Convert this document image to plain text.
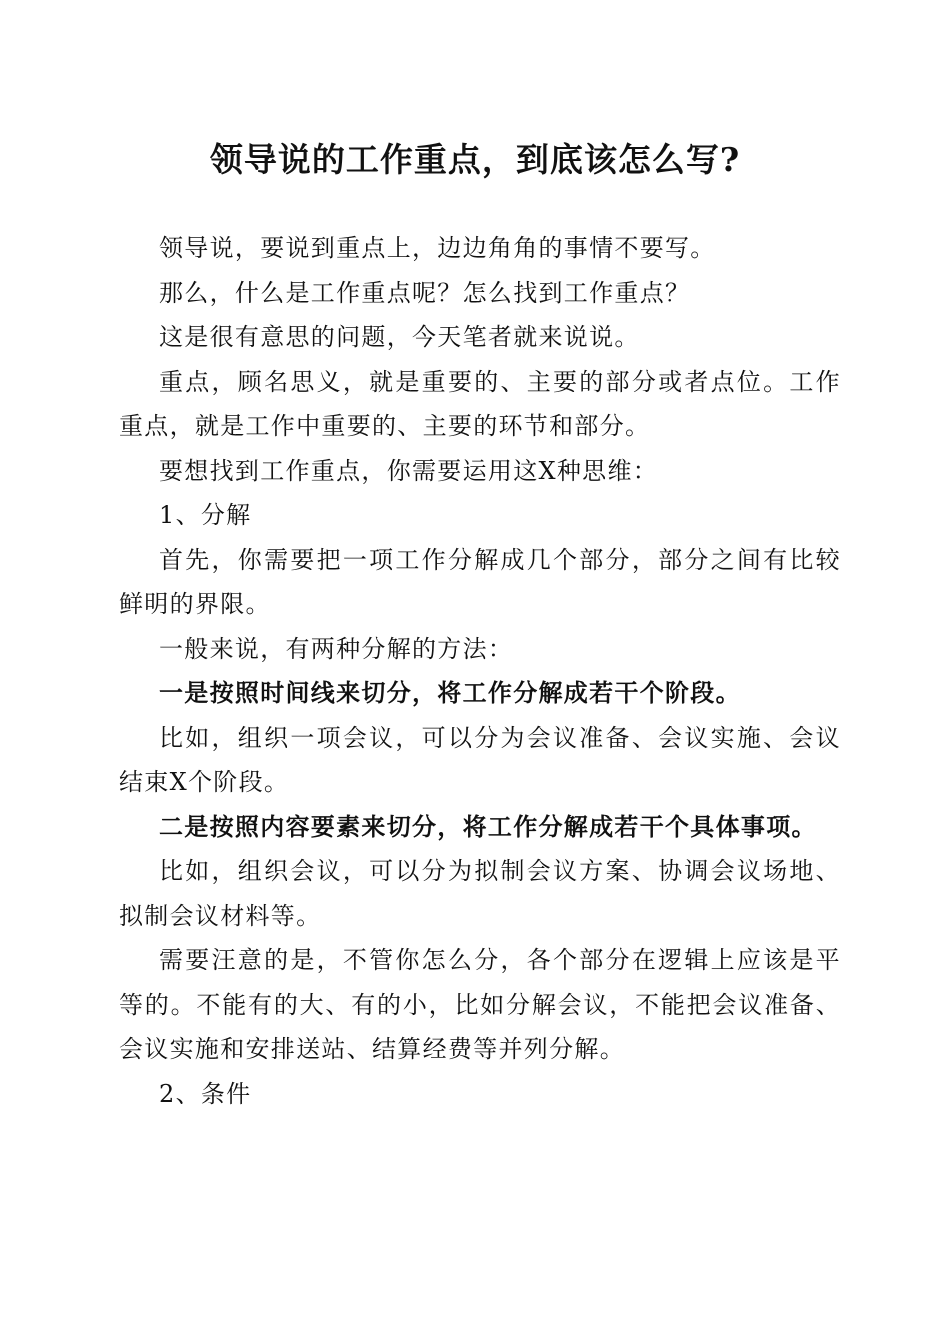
领导说的工作重点，到底该怎么写?

领导说，要说到重点上，边边角角的事情不要写。

那么，什么是工作重点呢？怎么找到工作重点？

这是很有意思的问题，今天笔者就来说说。

重点，顾名思义，就是重要的、主要的部分或者点位。工作重点，就是工作中重要的、主要的环节和部分。

要想找到工作重点，你需要运用这X种思维：

1、分解

首先，你需要把一项工作分解成几个部分，部分之间有比较鲜明的界限。

一般来说，有两种分解的方法：

一是按照时间线来切分，将工作分解成若干个阶段。

比如，组织一项会议，可以分为会议准备、会议实施、会议结束X个阶段。

二是按照内容要素来切分，将工作分解成若干个具体事项。

比如，组织会议，可以分为拟制会议方案、协调会议场地、拟制会议材料等。

需要汪意的是，不管你怎么分，各个部分在逻辑上应该是平等的。不能有的大、有的小，比如分解会议，不能把会议准备、会议实施和安排送站、结算经费等并列分解。

2、条件
